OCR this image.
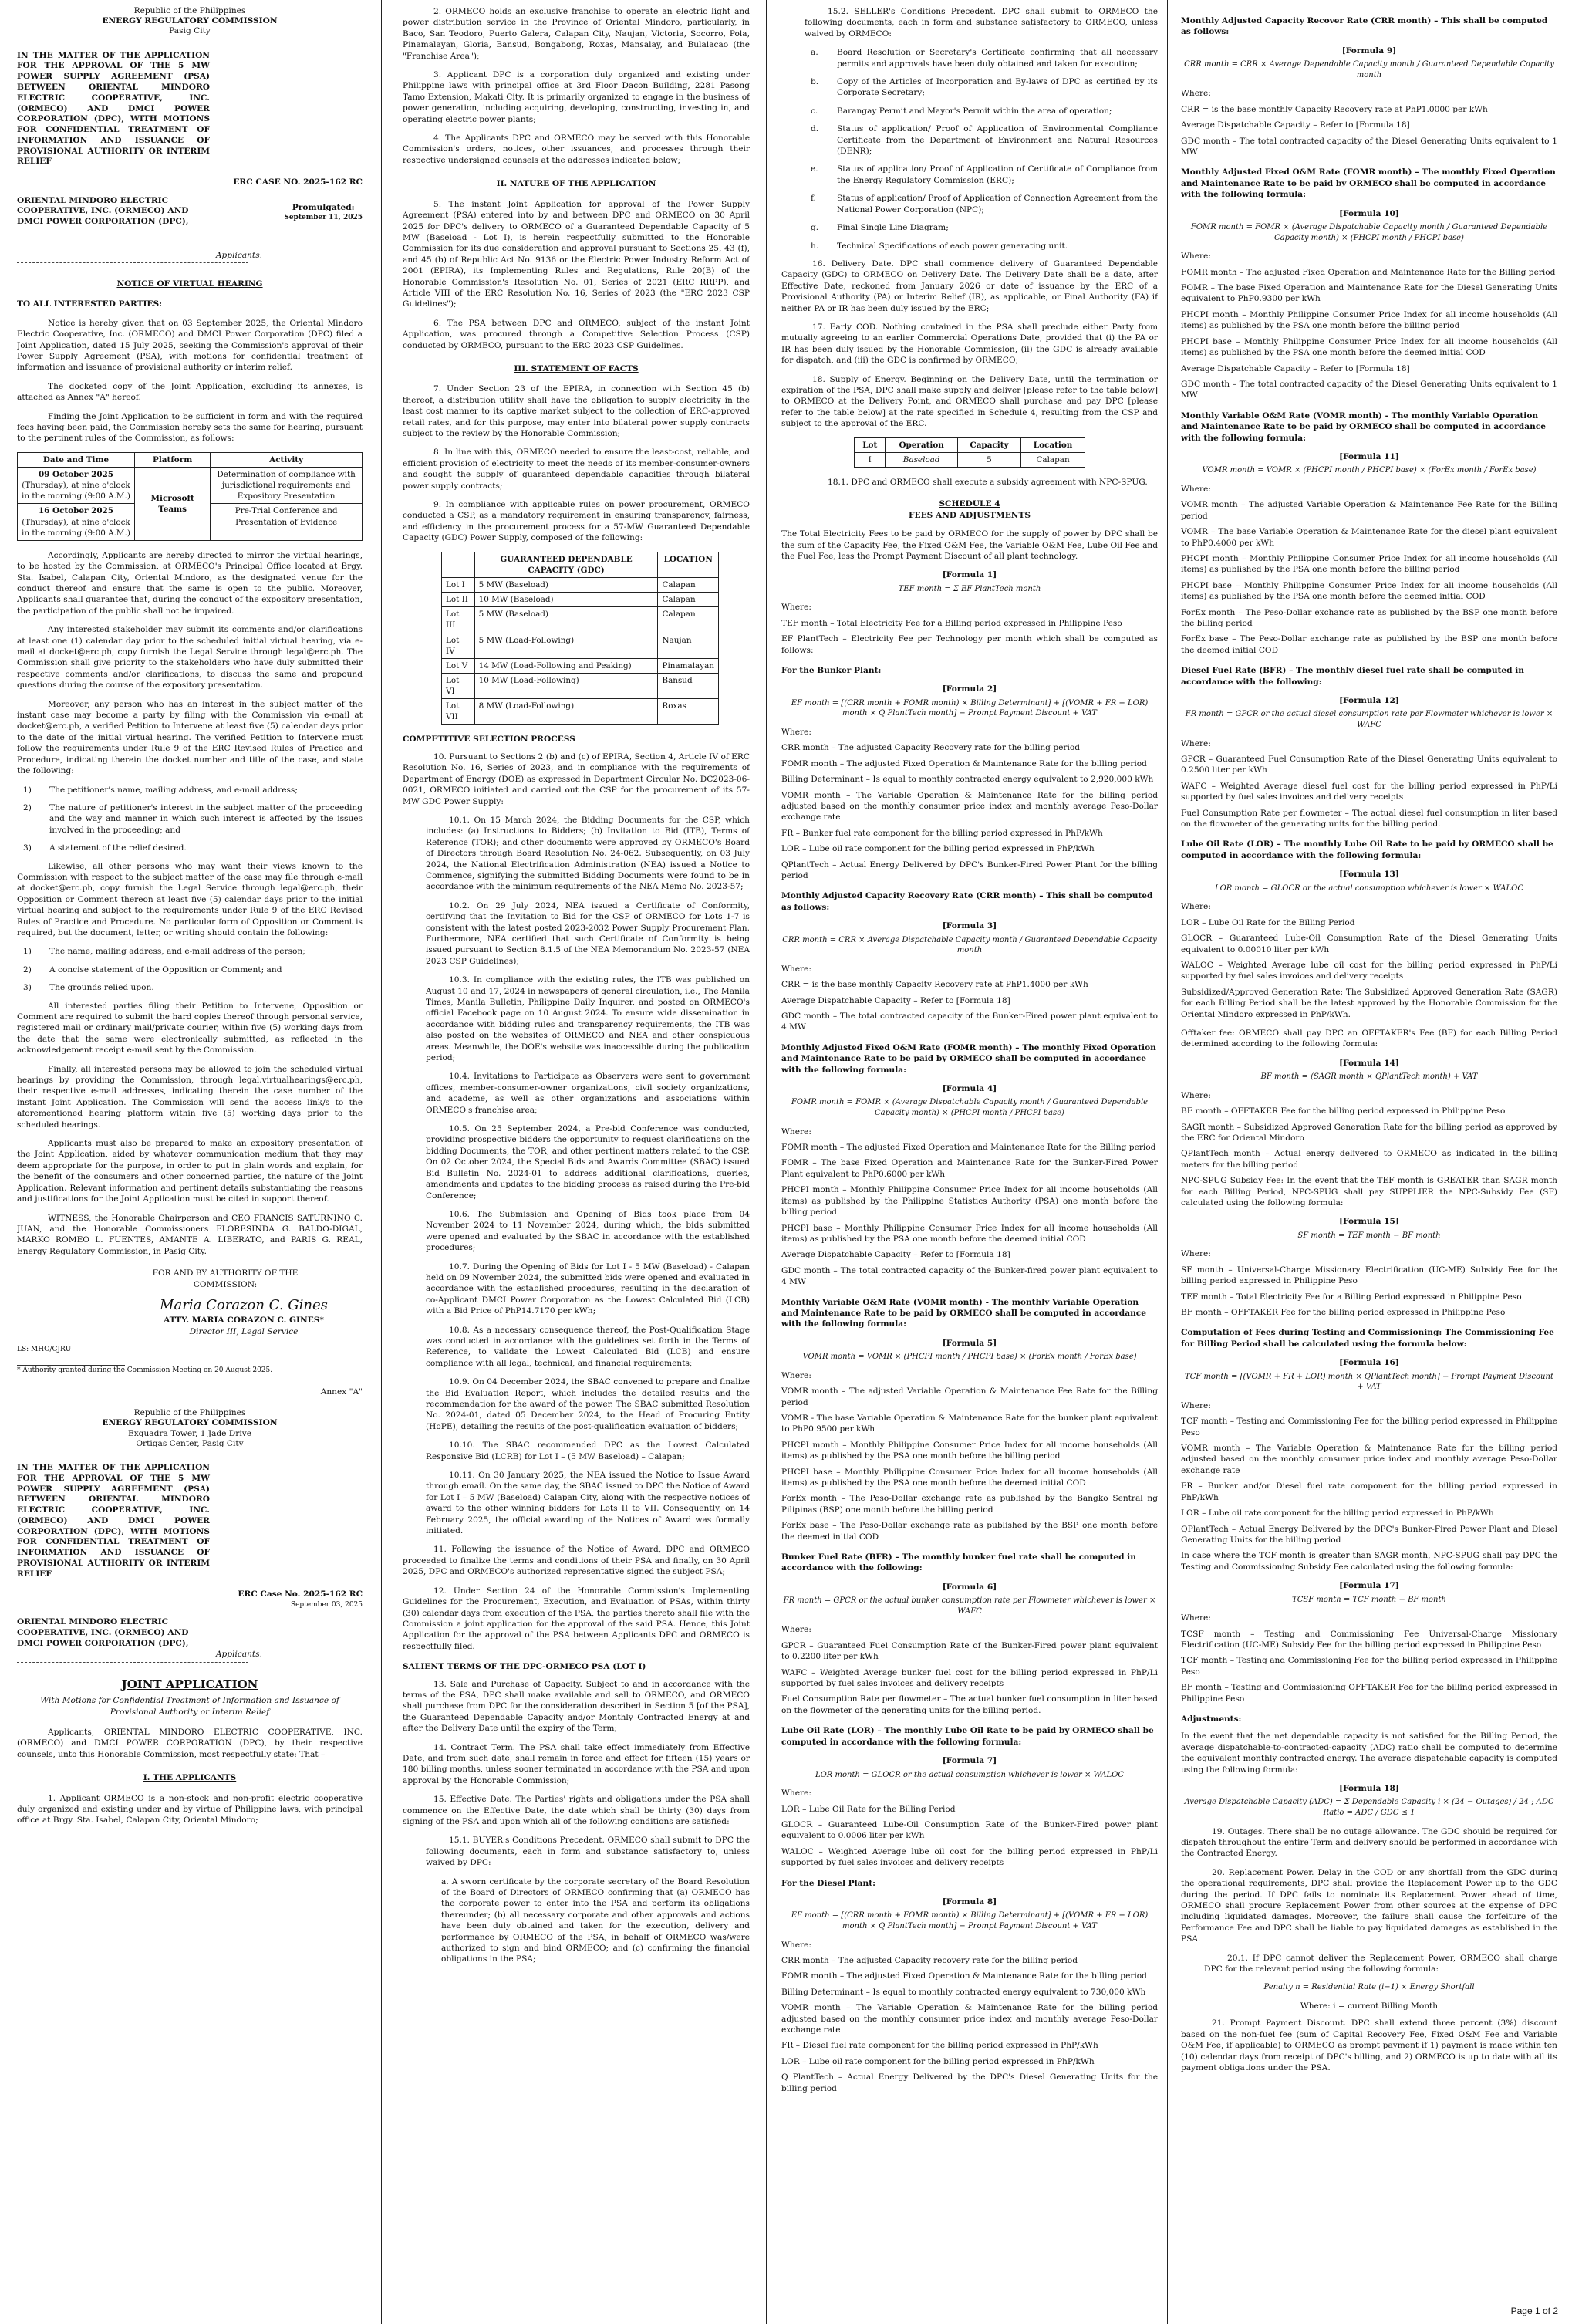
Republic of the Philippines
ENERGY REGULATORY COMMISSION
Pasig City
IN THE MATTER OF THE APPLICATION FOR THE APPROVAL OF THE 5 MW POWER SUPPLY AGREEMENT (PSA) BETWEEN ORIENTAL MINDORO ELECTRIC COOPERATIVE, INC. (ORMECO) AND DMCI POWER CORPORATION (DPC), WITH MOTIONS FOR CONFIDENTIAL TREATMENT OF INFORMATION AND ISSUANCE OF PROVISIONAL AUTHORITY OR INTERIM RELIEF
ERC CASE NO. 2025-162 RC
ORIENTAL MINDORO ELECTRIC COOPERATIVE, INC. (ORMECO) AND DMCI POWER CORPORATION (DPC),
Promulgated:
September 11, 2025
Applicants.
NOTICE OF VIRTUAL HEARING

TO ALL INTERESTED PARTIES:

Notice is hereby given that on 03 September 2025, the Oriental Mindoro Electric Cooperative, Inc. (ORMECO) and DMCI Power Corporation (DPC) filed a Joint Application, dated 15 July 2025, seeking the Commission's approval of their Power Supply Agreement (PSA), with motions for confidential treatment of information and issuance of provisional authority or interim relief.

The docketed copy of the Joint Application, excluding its annexes, is attached as Annex "A" hereof.

Finding the Joint Application to be sufficient in form and with the required fees having been paid, the Commission hereby sets the same for hearing, pursuant to the pertinent rules of the Commission, as follows:

Date and Time	Platform	Activity

09 October 2025
(Thursday), at nine o'clock in the morning (9:00 A.M.)	Microsoft Teams	Determination of compliance with jurisdictional requirements and Expository Presentation

16 October 2025
(Thursday), at nine o'clock in the morning (9:00 A.M.)		Pre-Trial Conference and Presentation of Evidence

Accordingly, Applicants are hereby directed to mirror the virtual hearings, to be hosted by the Commission, at ORMECO's Principal Office located at Brgy. Sta. Isabel, Calapan City, Oriental Mindoro, as the designated venue for the conduct thereof and ensure that the same is open to the public. Moreover, Applicants shall guarantee that, during the conduct of the expository presentation, the participation of the public shall not be impaired.

Any interested stakeholder may submit its comments and/or clarifications at least one (1) calendar day prior to the scheduled initial virtual hearing, via e-mail at docket@erc.ph, copy furnish the Legal Service through legal@erc.ph. The Commission shall give priority to the stakeholders who have duly submitted their respective comments and/or clarifications, to discuss the same and propound questions during the course of the expository presentation.

Moreover, any person who has an interest in the subject matter of the instant case may become a party by filing with the Commission via e-mail at docket@erc.ph, a verified Petition to Intervene at least five (5) calendar days prior to the date of the initial virtual hearing. The verified Petition to Intervene must follow the requirements under Rule 9 of the ERC Revised Rules of Practice and Procedure, indicating therein the docket number and title of the case, and state the following:

1)	The petitioner's name, mailing address, and e-mail address;
2)	The nature of petitioner's interest in the subject matter of the proceeding and the way and manner in which such interest is affected by the issues involved in the proceeding; and
3)	A statement of the relief desired.

Likewise, all other persons who may want their views known to the Commission with respect to the subject matter of the case may file through e-mail at docket@erc.ph, copy furnish the Legal Service through legal@erc.ph, their Opposition or Comment thereon at least five (5) calendar days prior to the initial virtual hearing and subject to the requirements under Rule 9 of the ERC Revised Rules of Practice and Procedure. No particular form of Opposition or Comment is required, but the document, letter, or writing should contain the following:

1)	The name, mailing address, and e-mail address of the person;
2)	A concise statement of the Opposition or Comment; and
3)	The grounds relied upon.

All interested parties filing their Petition to Intervene, Opposition or Comment are required to submit the hard copies thereof through personal service, registered mail or ordinary mail/private courier, within five (5) working days from the date that the same were electronically submitted, as reflected in the acknowledgement receipt e-mail sent by the Commission.

Finally, all interested persons may be allowed to join the scheduled virtual hearings by providing the Commission, through legal.virtualhearings@erc.ph, their respective e-mail addresses, indicating therein the case number of the instant Joint Application. The Commission will send the access link/s to the aforementioned hearing platform within five (5) working days prior to the scheduled hearings.

Applicants must also be prepared to make an expository presentation of the Joint Application, aided by whatever communication medium that they may deem appropriate for the purpose, in order to put in plain words and explain, for the benefit of the consumers and other concerned parties, the nature of the Joint Application. Relevant information and pertinent details substantiating the reasons and justifications for the Joint Application must be cited in support thereof.

WITNESS, the Honorable Chairperson and CEO FRANCIS SATURNINO C. JUAN, and the Honorable Commissioners FLORESINDA G. BALDO-DIGAL, MARKO ROMEO L. FUENTES, AMANTE A. LIBERATO, and PARIS G. REAL, Energy Regulatory Commission, in Pasig City.

FOR AND BY AUTHORITY OF THE COMMISSION:
Maria Corazon C. Gines
ATTY. MARIA CORAZON C. GINES*
Director III, Legal Service
LS: MHO/CJRU
* Authority granted during the Commission Meeting on 20 August 2025.
Annex "A"
Republic of the Philippines
ENERGY REGULATORY COMMISSION
Exquadra Tower, 1 Jade Drive
Ortigas Center, Pasig City
IN THE MATTER OF THE APPLICATION FOR THE APPROVAL OF THE 5 MW POWER SUPPLY AGREEMENT (PSA) BETWEEN ORIENTAL MINDORO ELECTRIC COOPERATIVE, INC. (ORMECO) AND DMCI POWER CORPORATION (DPC), WITH MOTIONS FOR CONFIDENTIAL TREATMENT OF INFORMATION AND ISSUANCE OF PROVISIONAL AUTHORITY OR INTERIM RELIEF
ERC Case No. 2025-162 RC
September 03, 2025
ORIENTAL MINDORO ELECTRIC COOPERATIVE, INC. (ORMECO) AND DMCI POWER CORPORATION (DPC),
Applicants.
JOINT APPLICATION
With Motions for Confidential Treatment of Information and Issuance of Provisional Authority or Interim Relief

Applicants, ORIENTAL MINDORO ELECTRIC COOPERATIVE, INC. (ORMECO) and DMCI POWER CORPORATION (DPC), by their respective counsels, unto this Honorable Commission, most respectfully state: That –

I. THE APPLICANTS

1. Applicant ORMECO is a non-stock and non-profit electric cooperative duly organized and existing under and by virtue of Philippine laws, with principal office at Brgy. Sta. Isabel, Calapan City, Oriental Mindoro;

2. ORMECO holds an exclusive franchise to operate an electric light and power distribution service in the Province of Oriental Mindoro, particularly, in Baco, San Teodoro, Puerto Galera, Calapan City, Naujan, Victoria, Socorro, Pola, Pinamalayan, Gloria, Bansud, Bongabong, Roxas, Mansalay, and Bulalacao (the "Franchise Area");

3. Applicant DPC is a corporation duly organized and existing under Philippine laws with principal office at 3rd Floor Dacon Building, 2281 Pasong Tamo Extension, Makati City. It is primarily organized to engage in the business of power generation, including acquiring, developing, constructing, investing in, and operating electric power plants;

4. The Applicants DPC and ORMECO may be served with this Honorable Commission's orders, notices, other issuances, and processes through their respective undersigned counsels at the addresses indicated below;

II. NATURE OF THE APPLICATION

5. The instant Joint Application for approval of the Power Supply Agreement (PSA) entered into by and between DPC and ORMECO on 30 April 2025 for DPC's delivery to ORMECO of a Guaranteed Dependable Capacity of 5 MW (Baseload - Lot I), is herein respectfully submitted to the Honorable Commission for its due consideration and approval pursuant to Sections 25, 43 (f), and 45 (b) of Republic Act No. 9136 or the Electric Power Industry Reform Act of 2001 (EPIRA), its Implementing Rules and Regulations, Rule 20(B) of the Honorable Commission's Resolution No. 01, Series of 2021 (ERC RRPP), and Article VIII of the ERC Resolution No. 16, Series of 2023 (the "ERC 2023 CSP Guidelines");

6. The PSA between DPC and ORMECO, subject of the instant Joint Application, was procured through a Competitive Selection Process (CSP) conducted by ORMECO, pursuant to the ERC 2023 CSP Guidelines.

III. STATEMENT OF FACTS

7. Under Section 23 of the EPIRA, in connection with Section 45 (b) thereof, a distribution utility shall have the obligation to supply electricity in the least cost manner to its captive market subject to the collection of ERC-approved retail rates, and for this purpose, may enter into bilateral power supply contracts subject to the review by the Honorable Commission;

8. In line with this, ORMECO needed to ensure the least-cost, reliable, and efficient provision of electricity to meet the needs of its member-consumer-owners and sought the supply of guaranteed dependable capacities through bilateral power supply contracts;

9. In compliance with applicable rules on power procurement, ORMECO conducted a CSP, as a mandatory requirement in ensuring transparency, fairness, and efficiency in the procurement process for a 57-MW Guaranteed Dependable Capacity (GDC) Power Supply, composed of the following:

	GUARANTEED DEPENDABLE CAPACITY (GDC)	LOCATION
Lot I	5 MW (Baseload)	Calapan
Lot II	10 MW (Baseload)	Calapan
Lot III	5 MW (Baseload)	Calapan
Lot IV	5 MW (Load-Following)	Naujan
Lot V	14 MW (Load-Following and Peaking)	Pinamalayan
Lot VI	10 MW (Load-Following)	Bansud
Lot VII	8 MW (Load-Following)	Roxas
COMPETITIVE SELECTION PROCESS

10. Pursuant to Sections 2 (b) and (c) of EPIRA, Section 4, Article IV of ERC Resolution No. 16, Series of 2023, and in compliance with the requirements of Department of Energy (DOE) as expressed in Department Circular No. DC2023-06-0021, ORMECO initiated and carried out the CSP for the procurement of its 57-MW GDC Power Supply:

10.1. On 15 March 2024, the Bidding Documents for the CSP, which includes: (a) Instructions to Bidders; (b) Invitation to Bid (ITB), Terms of Reference (TOR); and other documents were approved by ORMECO's Board of Directors through Board Resolution No. 24-062. Subsequently, on 03 July 2024, the National Electrification Administration (NEA) issued a Notice to Commence, signifying the submitted Bidding Documents were found to be in accordance with the minimum requirements of the NEA Memo No. 2023-57;

10.2. On 29 July 2024, NEA issued a Certificate of Conformity, certifying that the Invitation to Bid for the CSP of ORMECO for Lots 1-7 is consistent with the latest posted 2023-2032 Power Supply Procurement Plan. Furthermore, NEA certified that such Certificate of Conformity is being issued pursuant to Section 8.1.5 of the NEA Memorandum No. 2023-57 (NEA 2023 CSP Guidelines);

10.3. In compliance with the existing rules, the ITB was published on August 10 and 17, 2024 in newspapers of general circulation, i.e., The Manila Times, Manila Bulletin, Philippine Daily Inquirer, and posted on ORMECO's official Facebook page on 10 August 2024. To ensure wide dissemination in accordance with bidding rules and transparency requirements, the ITB was also posted on the websites of ORMECO and NEA and other conspicuous areas. Meanwhile, the DOE's website was inaccessible during the publication period;

10.4. Invitations to Participate as Observers were sent to government offices, member-consumer-owner organizations, civil society organizations, and academe, as well as other organizations and associations within ORMECO's franchise area;

10.5. On 25 September 2024, a Pre-bid Conference was conducted, providing prospective bidders the opportunity to request clarifications on the bidding Documents, the TOR, and other pertinent matters related to the CSP. On 02 October 2024, the Special Bids and Awards Committee (SBAC) issued Bid Bulletin No. 2024-01 to address additional clarifications, queries, amendments and updates to the bidding process as raised during the Pre-bid Conference;

10.6. The Submission and Opening of Bids took place from 04 November 2024 to 11 November 2024, during which, the bids submitted were opened and evaluated by the SBAC in accordance with the established procedures;

10.7. During the Opening of Bids for Lot I - 5 MW (Baseload) - Calapan held on 09 November 2024, the submitted bids were opened and evaluated in accordance with the established procedures, resulting in the declaration of co-Applicant DMCI Power Corporation as the Lowest Calculated Bid (LCB) with a Bid Price of PhP14.7170 per kWh;

10.8. As a necessary consequence thereof, the Post-Qualification Stage was conducted in accordance with the guidelines set forth in the Terms of Reference, to validate the Lowest Calculated Bid (LCB) and ensure compliance with all legal, technical, and financial requirements;

10.9. On 04 December 2024, the SBAC convened to prepare and finalize the Bid Evaluation Report, which includes the detailed results and the recommendation for the award of the power. The SBAC submitted Resolution No. 2024-01, dated 05 December 2024, to the Head of Procuring Entity (HoPE), detailing the results of the post-qualification evaluation of bidders;

10.10. The SBAC recommended DPC as the Lowest Calculated Responsive Bid (LCRB) for Lot I – (5 MW Baseload) – Calapan;

10.11. On 30 January 2025, the NEA issued the Notice to Issue Award through email. On the same day, the SBAC issued to DPC the Notice of Award for Lot I – 5 MW (Baseload) Calapan City, along with the respective notices of award to the other winning bidders for Lots II to VII. Consequently, on 14 February 2025, the official awarding of the Notices of Award was formally initiated.

11. Following the issuance of the Notice of Award, DPC and ORMECO proceeded to finalize the terms and conditions of their PSA and finally, on 30 April 2025, DPC and ORMECO's authorized representative signed the subject PSA;

12. Under Section 24 of the Honorable Commission's Implementing Guidelines for the Procurement, Execution, and Evaluation of PSAs, within thirty (30) calendar days from execution of the PSA, the parties thereto shall file with the Commission a joint application for the approval of the said PSA. Hence, this Joint Application for the approval of the PSA between Applicants DPC and ORMECO is respectfully filed.

SALIENT TERMS OF THE DPC-ORMECO PSA (LOT I)

13. Sale and Purchase of Capacity. Subject to and in accordance with the terms of the PSA, DPC shall make available and sell to ORMECO, and ORMECO shall purchase from DPC for the consideration described in Section 5 [of the PSA], the Guaranteed Dependable Capacity and/or Monthly Contracted Energy at and after the Delivery Date until the expiry of the Term;

14. Contract Term. The PSA shall take effect immediately from Effective Date, and from such date, shall remain in force and effect for fifteen (15) years or 180 billing months, unless sooner terminated in accordance with the PSA and upon approval by the Honorable Commission;

15. Effective Date. The Parties' rights and obligations under the PSA shall commence on the Effective Date, the date which shall be thirty (30) days from signing of the PSA and upon which all of the following conditions are satisfied:

15.1. BUYER's Conditions Precedent. ORMECO shall submit to DPC the following documents, each in form and substance satisfactory to, unless waived by DPC:

a. A sworn certificate by the corporate secretary of the Board Resolution of the Board of Directors of ORMECO confirming that (a) ORMECO has the corporate power to enter into the PSA and perform its obligations thereunder; (b) all necessary corporate and other approvals and actions have been duly obtained and taken for the execution, delivery and performance by ORMECO of the PSA, in behalf of ORMECO was/were authorized to sign and bind ORMECO; and (c) confirming the financial obligations in the PSA;

15.2. SELLER's Conditions Precedent. DPC shall submit to ORMECO the following documents, each in form and substance satisfactory to ORMECO, unless waived by ORMECO:

a.	Board Resolution or Secretary's Certificate confirming that all necessary permits and approvals have been duly obtained and taken for execution;
b.	Copy of the Articles of Incorporation and By-laws of DPC as certified by its Corporate Secretary;
c.	Barangay Permit and Mayor's Permit within the area of operation;
d.	Status of application/ Proof of Application of Environmental Compliance Certificate from the Department of Environment and Natural Resources (DENR);
e.	Status of application/ Proof of Application of Certificate of Compliance from the Energy Regulatory Commission (ERC);
f.	Status of application/ Proof of Application of Connection Agreement from the National Power Corporation (NPC);
g.	Final Single Line Diagram;
h.	Technical Specifications of each power generating unit.

16. Delivery Date. DPC shall commence delivery of Guaranteed Dependable Capacity (GDC) to ORMECO on Delivery Date. The Delivery Date shall be a date, after Effective Date, reckoned from January 2026 or date of issuance by the ERC of a Provisional Authority (PA) or Interim Relief (IR), as applicable, or Final Authority (FA) if neither PA or IR has been duly issued by the ERC;

17. Early COD. Nothing contained in the PSA shall preclude either Party from mutually agreeing to an earlier Commercial Operations Date, provided that (i) the PA or IR has been duly issued by the Honorable Commission, (ii) the GDC is already available for dispatch, and (iii) the GDC is confirmed by ORMECO;

18. Supply of Energy. Beginning on the Delivery Date, until the termination or expiration of the PSA, DPC shall make supply and deliver [please refer to the table below] to ORMECO at the Delivery Point, and ORMECO shall purchase and pay DPC [please refer to the table below] at the rate specified in Schedule 4, resulting from the CSP and subject to the approval of the ERC.

Lot	Operation	Capacity	Location
I	Baseload	5	Calapan

18.1. DPC and ORMECO shall execute a subsidy agreement with NPC-SPUG.

SCHEDULE 4
FEES AND ADJUSTMENTS

The Total Electricity Fees to be paid by ORMECO for the supply of power by DPC shall be the sum of the Capacity Fee, the Fixed O&M Fee, the Variable O&M Fee, Lube Oil Fee and the Fuel Fee, less the Prompt Payment Discount of all plant technology.

[Formula 1]
TEF month = Σ EF PlantTech month
Where:
TEF month – Total Electricity Fee for a Billing period expressed in Philippine Peso
EF PlantTech – Electricity Fee per Technology per month which shall be computed as follows:
For the Bunker Plant:
[Formula 2]
EF month = [(CRR month + FOMR month) × Billing Determinant] + [(VOMR + FR + LOR) month × Q PlantTech month] − Prompt Payment Discount + VAT
Where:
CRR month – The adjusted Capacity Recovery rate for the billing period
FOMR month – The adjusted Fixed Operation & Maintenance Rate for the billing period
Billing Determinant – Is equal to monthly contracted energy equivalent to 2,920,000 kWh
VOMR month – The Variable Operation & Maintenance Rate for the billing period adjusted based on the monthly consumer price index and monthly average Peso-Dollar exchange rate
FR – Bunker fuel rate component for the billing period expressed in PhP/kWh
LOR – Lube oil rate component for the billing period expressed in PhP/kWh
QPlantTech – Actual Energy Delivered by DPC's Bunker-Fired Power Plant for the billing period
Monthly Adjusted Capacity Recovery Rate (CRR month) – This shall be computed as follows:
[Formula 3]
CRR month = CRR × Average Dispatchable Capacity month / Guaranteed Dependable Capacity month
Where:
CRR = is the base monthly Capacity Recovery rate at PhP1.4000 per kWh
Average Dispatchable Capacity – Refer to [Formula 18]
GDC month – The total contracted capacity of the Bunker-Fired power plant equivalent to 4 MW
Monthly Adjusted Fixed O&M Rate (FOMR month) – The monthly Fixed Operation and Maintenance Rate to be paid by ORMECO shall be computed in accordance with the following formula:
[Formula 4]
FOMR month = FOMR × (Average Dispatchable Capacity month / Guaranteed Dependable Capacity month) × (PHCPI month / PHCPI base)
Where:
FOMR month – The adjusted Fixed Operation and Maintenance Rate for the Billing period
FOMR – The base Fixed Operation and Maintenance Rate for the Bunker-Fired Power Plant equivalent to PhP0.6000 per kWh
PHCPI month – Monthly Philippine Consumer Price Index for all income households (All items) as published by the Philippine Statistics Authority (PSA) one month before the billing period
PHCPI base – Monthly Philippine Consumer Price Index for all income households (All items) as published by the PSA one month before the deemed initial COD
Average Dispatchable Capacity – Refer to [Formula 18]
GDC month – The total contracted capacity of the Bunker-fired power plant equivalent to 4 MW
Monthly Variable O&M Rate (VOMR month) - The monthly Variable Operation and Maintenance Rate to be paid by ORMECO shall be computed in accordance with the following formula:
[Formula 5]
VOMR month = VOMR × (PHCPI month / PHCPI base) × (ForEx month / ForEx base)
Where:
VOMR month – The adjusted Variable Operation & Maintenance Fee Rate for the Billing period
VOMR - The base Variable Operation & Maintenance Rate for the bunker plant equivalent to PhP0.9500 per kWh
PHCPI month – Monthly Philippine Consumer Price Index for all income households (All items) as published by the PSA one month before the billing period
PHCPI base – Monthly Philippine Consumer Price Index for all income households (All items) as published by the PSA one month before the deemed initial COD
ForEx month – The Peso-Dollar exchange rate as published by the Bangko Sentral ng Pilipinas (BSP) one month before the billing period
ForEx base – The Peso-Dollar exchange rate as published by the BSP one month before the deemed initial COD
Bunker Fuel Rate (BFR) – The monthly bunker fuel rate shall be computed in accordance with the following:
[Formula 6]
FR month = GPCR or the actual bunker consumption rate per Flowmeter whichever is lower × WAFC
Where:
GPCR – Guaranteed Fuel Consumption Rate of the Bunker-Fired power plant equivalent to 0.2200 liter per kWh
WAFC – Weighted Average bunker fuel cost for the billing period expressed in PhP/Li supported by fuel sales invoices and delivery receipts
Fuel Consumption Rate per flowmeter – The actual bunker fuel consumption in liter based on the flowmeter of the generating units for the billing period.
Lube Oil Rate (LOR) – The monthly Lube Oil Rate to be paid by ORMECO shall be computed in accordance with the following formula:
[Formula 7]
LOR month = GLOCR or the actual consumption whichever is lower × WALOC
Where:
LOR – Lube Oil Rate for the Billing Period
GLOCR – Guaranteed Lube-Oil Consumption Rate of the Bunker-Fired power plant equivalent to 0.0006 liter per kWh
WALOC – Weighted Average lube oil cost for the billing period expressed in PhP/Li supported by fuel sales invoices and delivery receipts
For the Diesel Plant:
[Formula 8]
EF month = [(CRR month + FOMR month) × Billing Determinant] + [(VOMR + FR + LOR) month × Q PlantTech month] − Prompt Payment Discount + VAT
Where:
CRR month – The adjusted Capacity recovery rate for the billing period
FOMR month – The adjusted Fixed Operation & Maintenance Rate for the billing period
Billing Determinant – Is equal to monthly contracted energy equivalent to 730,000 kWh
VOMR month – The Variable Operation & Maintenance Rate for the billing period adjusted based on the monthly consumer price index and monthly average Peso-Dollar exchange rate
FR – Diesel fuel rate component for the billing period expressed in PhP/kWh
LOR – Lube oil rate component for the billing period expressed in PhP/kWh
Q PlantTech – Actual Energy Delivered by the DPC's Diesel Generating Units for the billing period
Monthly Adjusted Capacity Recover Rate (CRR month) – This shall be computed as follows:
[Formula 9]
CRR month = CRR × Average Dependable Capacity month / Guaranteed Dependable Capacity month
Where:
CRR = is the base monthly Capacity Recovery rate at PhP1.0000 per kWh
Average Dispatchable Capacity – Refer to [Formula 18]
GDC month – The total contracted capacity of the Diesel Generating Units equivalent to 1 MW
Monthly Adjusted Fixed O&M Rate (FOMR month) – The monthly Fixed Operation and Maintenance Rate to be paid by ORMECO shall be computed in accordance with the following formula:
[Formula 10]
FOMR month = FOMR × (Average Dispatchable Capacity month / Guaranteed Dependable Capacity month) × (PHCPI month / PHCPI base)
Where:
FOMR month – The adjusted Fixed Operation and Maintenance Rate for the Billing period
FOMR – The base Fixed Operation and Maintenance Rate for the Diesel Generating Units equivalent to PhP0.9300 per kWh
PHCPI month – Monthly Philippine Consumer Price Index for all income households (All items) as published by the PSA one month before the billing period
PHCPI base – Monthly Philippine Consumer Price Index for all income households (All items) as published by the PSA one month before the deemed initial COD
Average Dispatchable Capacity – Refer to [Formula 18]
GDC month – The total contracted capacity of the Diesel Generating Units equivalent to 1 MW
Monthly Variable O&M Rate (VOMR month) - The monthly Variable Operation and Maintenance Rate to be paid by ORMECO shall be computed in accordance with the following formula:
[Formula 11]
VOMR month = VOMR × (PHCPI month / PHCPI base) × (ForEx month / ForEx base)
Where:
VOMR month – The adjusted Variable Operation & Maintenance Fee Rate for the Billing period
VOMR – The base Variable Operation & Maintenance Rate for the diesel plant equivalent to PhP0.4000 per kWh
PHCPI month – Monthly Philippine Consumer Price Index for all income households (All items) as published by the PSA one month before the billing period
PHCPI base – Monthly Philippine Consumer Price Index for all income households (All items) as published by the PSA one month before the deemed initial COD
ForEx month – The Peso-Dollar exchange rate as published by the BSP one month before the billing period
ForEx base – The Peso-Dollar exchange rate as published by the BSP one month before the deemed initial COD
Diesel Fuel Rate (BFR) – The monthly diesel fuel rate shall be computed in accordance with the following:
[Formula 12]
FR month = GPCR or the actual diesel consumption rate per Flowmeter whichever is lower × WAFC
Where:
GPCR – Guaranteed Fuel Consumption Rate of the Diesel Generating Units equivalent to 0.2500 liter per kWh
WAFC – Weighted Average diesel fuel cost for the billing period expressed in PhP/Li supported by fuel sales invoices and delivery receipts
Fuel Consumption Rate per flowmeter – The actual diesel fuel consumption in liter based on the flowmeter of the generating units for the billing period.
Lube Oil Rate (LOR) – The monthly Lube Oil Rate to be paid by ORMECO shall be computed in accordance with the following formula:
[Formula 13]
LOR month = GLOCR or the actual consumption whichever is lower × WALOC
Where:
LOR – Lube Oil Rate for the Billing Period
GLOCR – Guaranteed Lube-Oil Consumption Rate of the Diesel Generating Units equivalent to 0.00010 liter per kWh
WALOC – Weighted Average lube oil cost for the billing period expressed in PhP/Li supported by fuel sales invoices and delivery receipts

Subsidized/Approved Generation Rate: The Subsidized Approved Generation Rate (SAGR) for each Billing Period shall be the latest approved by the Honorable Commission for the Oriental Mindoro expressed in PhP/kWh.

Offtaker fee: ORMECO shall pay DPC an OFFTAKER's Fee (BF) for each Billing Period determined according to the following formula:

[Formula 14]
BF month = (SAGR month × QPlantTech month) + VAT
Where:
BF month – OFFTAKER Fee for the billing period expressed in Philippine Peso
SAGR month – Subsidized Approved Generation Rate for the billing period as approved by the ERC for Oriental Mindoro
QPlantTech month – Actual energy delivered to ORMECO as indicated in the billing meters for the billing period

NPC-SPUG Subsidy Fee: In the event that the TEF month is GREATER than SAGR month for each Billing Period, NPC-SPUG shall pay SUPPLIER the NPC-Subsidy Fee (SF) calculated using the following formula:

[Formula 15]
SF month = TEF month − BF month
Where:
SF month – Universal-Charge Missionary Electrification (UC-ME) Subsidy Fee for the billing period expressed in Philippine Peso
TEF month – Total Electricity Fee for a Billing Period expressed in Philippine Peso
BF month – OFFTAKER Fee for the billing period expressed in Philippine Peso
Computation of Fees during Testing and Commissioning: The Commissioning Fee for Billing Period shall be calculated using the formula below:
[Formula 16]
TCF month = [(VOMR + FR + LOR) month × QPlantTech month] − Prompt Payment Discount + VAT
Where:
TCF month – Testing and Commissioning Fee for the billing period expressed in Philippine Peso
VOMR month – The Variable Operation & Maintenance Rate for the billing period adjusted based on the monthly consumer price index and monthly average Peso-Dollar exchange rate
FR – Bunker and/or Diesel fuel rate component for the billing period expressed in PhP/kWh
LOR – Lube oil rate component for the billing period expressed in PhP/kWh
QPlantTech – Actual Energy Delivered by the DPC's Bunker-Fired Power Plant and Diesel Generating Units for the billing period

In case where the TCF month is greater than SAGR month, NPC-SPUG shall pay DPC the Testing and Commissioning Subsidy Fee calculated using the following formula:

[Formula 17]
TCSF month = TCF month − BF month
Where:
TCSF month – Testing and Commissioning Fee Universal-Charge Missionary Electrification (UC-ME) Subsidy Fee for the billing period expressed in Philippine Peso
TCF month – Testing and Commissioning Fee for the billing period expressed in Philippine Peso
BF month – Testing and Commissioning OFFTAKER Fee for the billing period expressed in Philippine Peso
Adjustments:

In the event that the net dependable capacity is not satisfied for the Billing Period, the average dispatchable-to-contracted-capacity (ADC) ratio shall be computed to determine the equivalent monthly contracted energy. The average dispatchable capacity is computed using the following formula:

[Formula 18]
Average Dispatchable Capacity (ADC) = Σ Dependable Capacity i × (24 − Outages) / 24 ; ADC Ratio = ADC / GDC ≤ 1

19. Outages. There shall be no outage allowance. The GDC should be required for dispatch throughout the entire Term and delivery should be performed in accordance with the Contracted Energy.

20. Replacement Power. Delay in the COD or any shortfall from the GDC during the operational requirements, DPC shall provide the Replacement Power up to the GDC during the period. If DPC fails to nominate its Replacement Power ahead of time, ORMECO shall procure Replacement Power from other sources at the expense of DPC including liquidated damages. Moreover, the failure shall cause the forfeiture of the Performance Fee and DPC shall be liable to pay liquidated damages as established in the PSA.

20.1. If DPC cannot deliver the Replacement Power, ORMECO shall charge DPC for the relevant period using the following formula:

Penalty n = Residential Rate (i−1) × Energy Shortfall
Where: i = current Billing Month

21. Prompt Payment Discount. DPC shall extend three percent (3%) discount based on the non-fuel fee (sum of Capital Recovery Fee, Fixed O&M Fee and Variable O&M Fee, if applicable) to ORMECO as prompt payment if 1) payment is made within ten (10) calendar days from receipt of DPC's billing, and 2) ORMECO is up to date with all its payment obligations under the PSA.

Page 1 of 2
